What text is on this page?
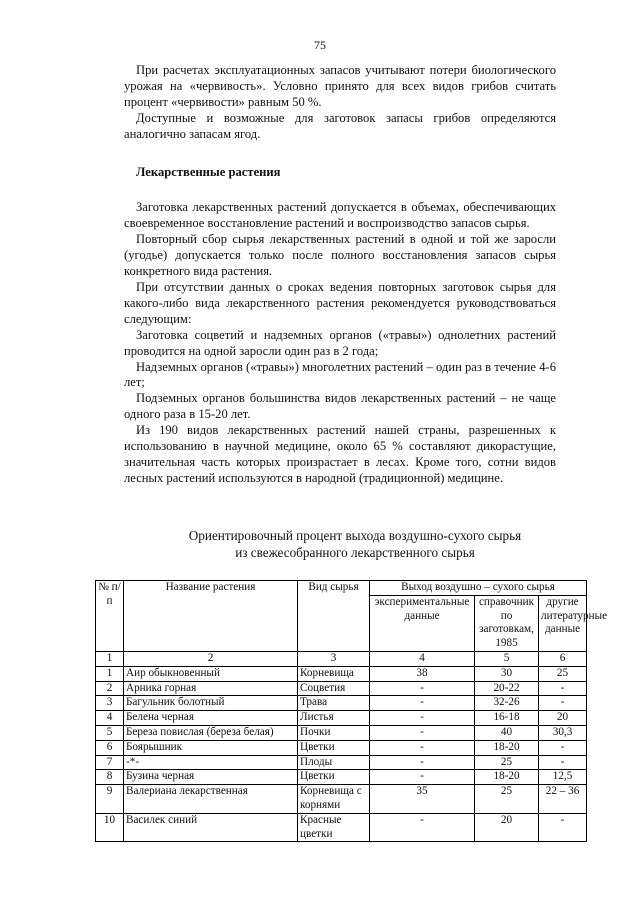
75

При расчетах эксплуатационных запасов учитывают потери биологического урожая на «червивость». Условно принято для всех видов грибов считать процент «червивости» равным 50 %.

Доступные и возможные для заготовок запасы грибов определяются аналогично запасам ягод.

Лекарственные растения

Заготовка лекарственных растений допускается в объемах, обеспечивающих своевременное восстановление растений и воспроизводство запасов сырья.

Повторный сбор сырья лекарственных растений в одной и той же заросли (угодье) допускается только после полного восстановления запасов сырья конкретного вида растения.

При отсутствии данных о сроках ведения повторных заготовок сырья для какого-либо вида лекарственного растения рекомендуется руководствоваться следующим:

Заготовка соцветий и надземных органов («травы») однолетних растений проводится на одной заросли один раз в 2 года;

Надземных органов («травы») многолетних растений – один раз в течение 4-6 лет;

Подземных органов большинства видов лекарственных растений – не чаще одного раза в 15-20 лет.

Из 190 видов лекарственных растений нашей страны, разрешенных к использованию в научной медицине, около 65 % составляют дикорастущие, значительная часть которых произрастает в лесах. Кроме того, сотни видов лесных растений используются в народной (традиционной) медицине.

Ориентировочный процент выхода воздушно-сухого сырья
из свежесобранного лекарственного сырья
№ п/п	Название растения	Вид сырья	Выход воздушно – сухого сырья		
			экспериментальные данные	справочник по заготовкам, 1985	другие литературные данные
1	2	3	4	5	6
1	Аир обыкновенный	Корневища	38	30	25
2	Арника горная	Соцветия	-	20-22	-
3	Багульник болотный	Трава	-	32-26	-
4	Белена черная	Листья	-	16-18	20
5	Береза повислая (береза белая)	Почки	-	40	30,3
6	Боярышник	Цветки	-	18-20	-
7	-*-	Плоды	-	25	-
8	Бузина черная	Цветки	-	18-20	12,5
9	Валериана лекарственная	Корневища с корнями	35	25	22 – 36
10	Василек синий	Красные цветки	-	20	-
